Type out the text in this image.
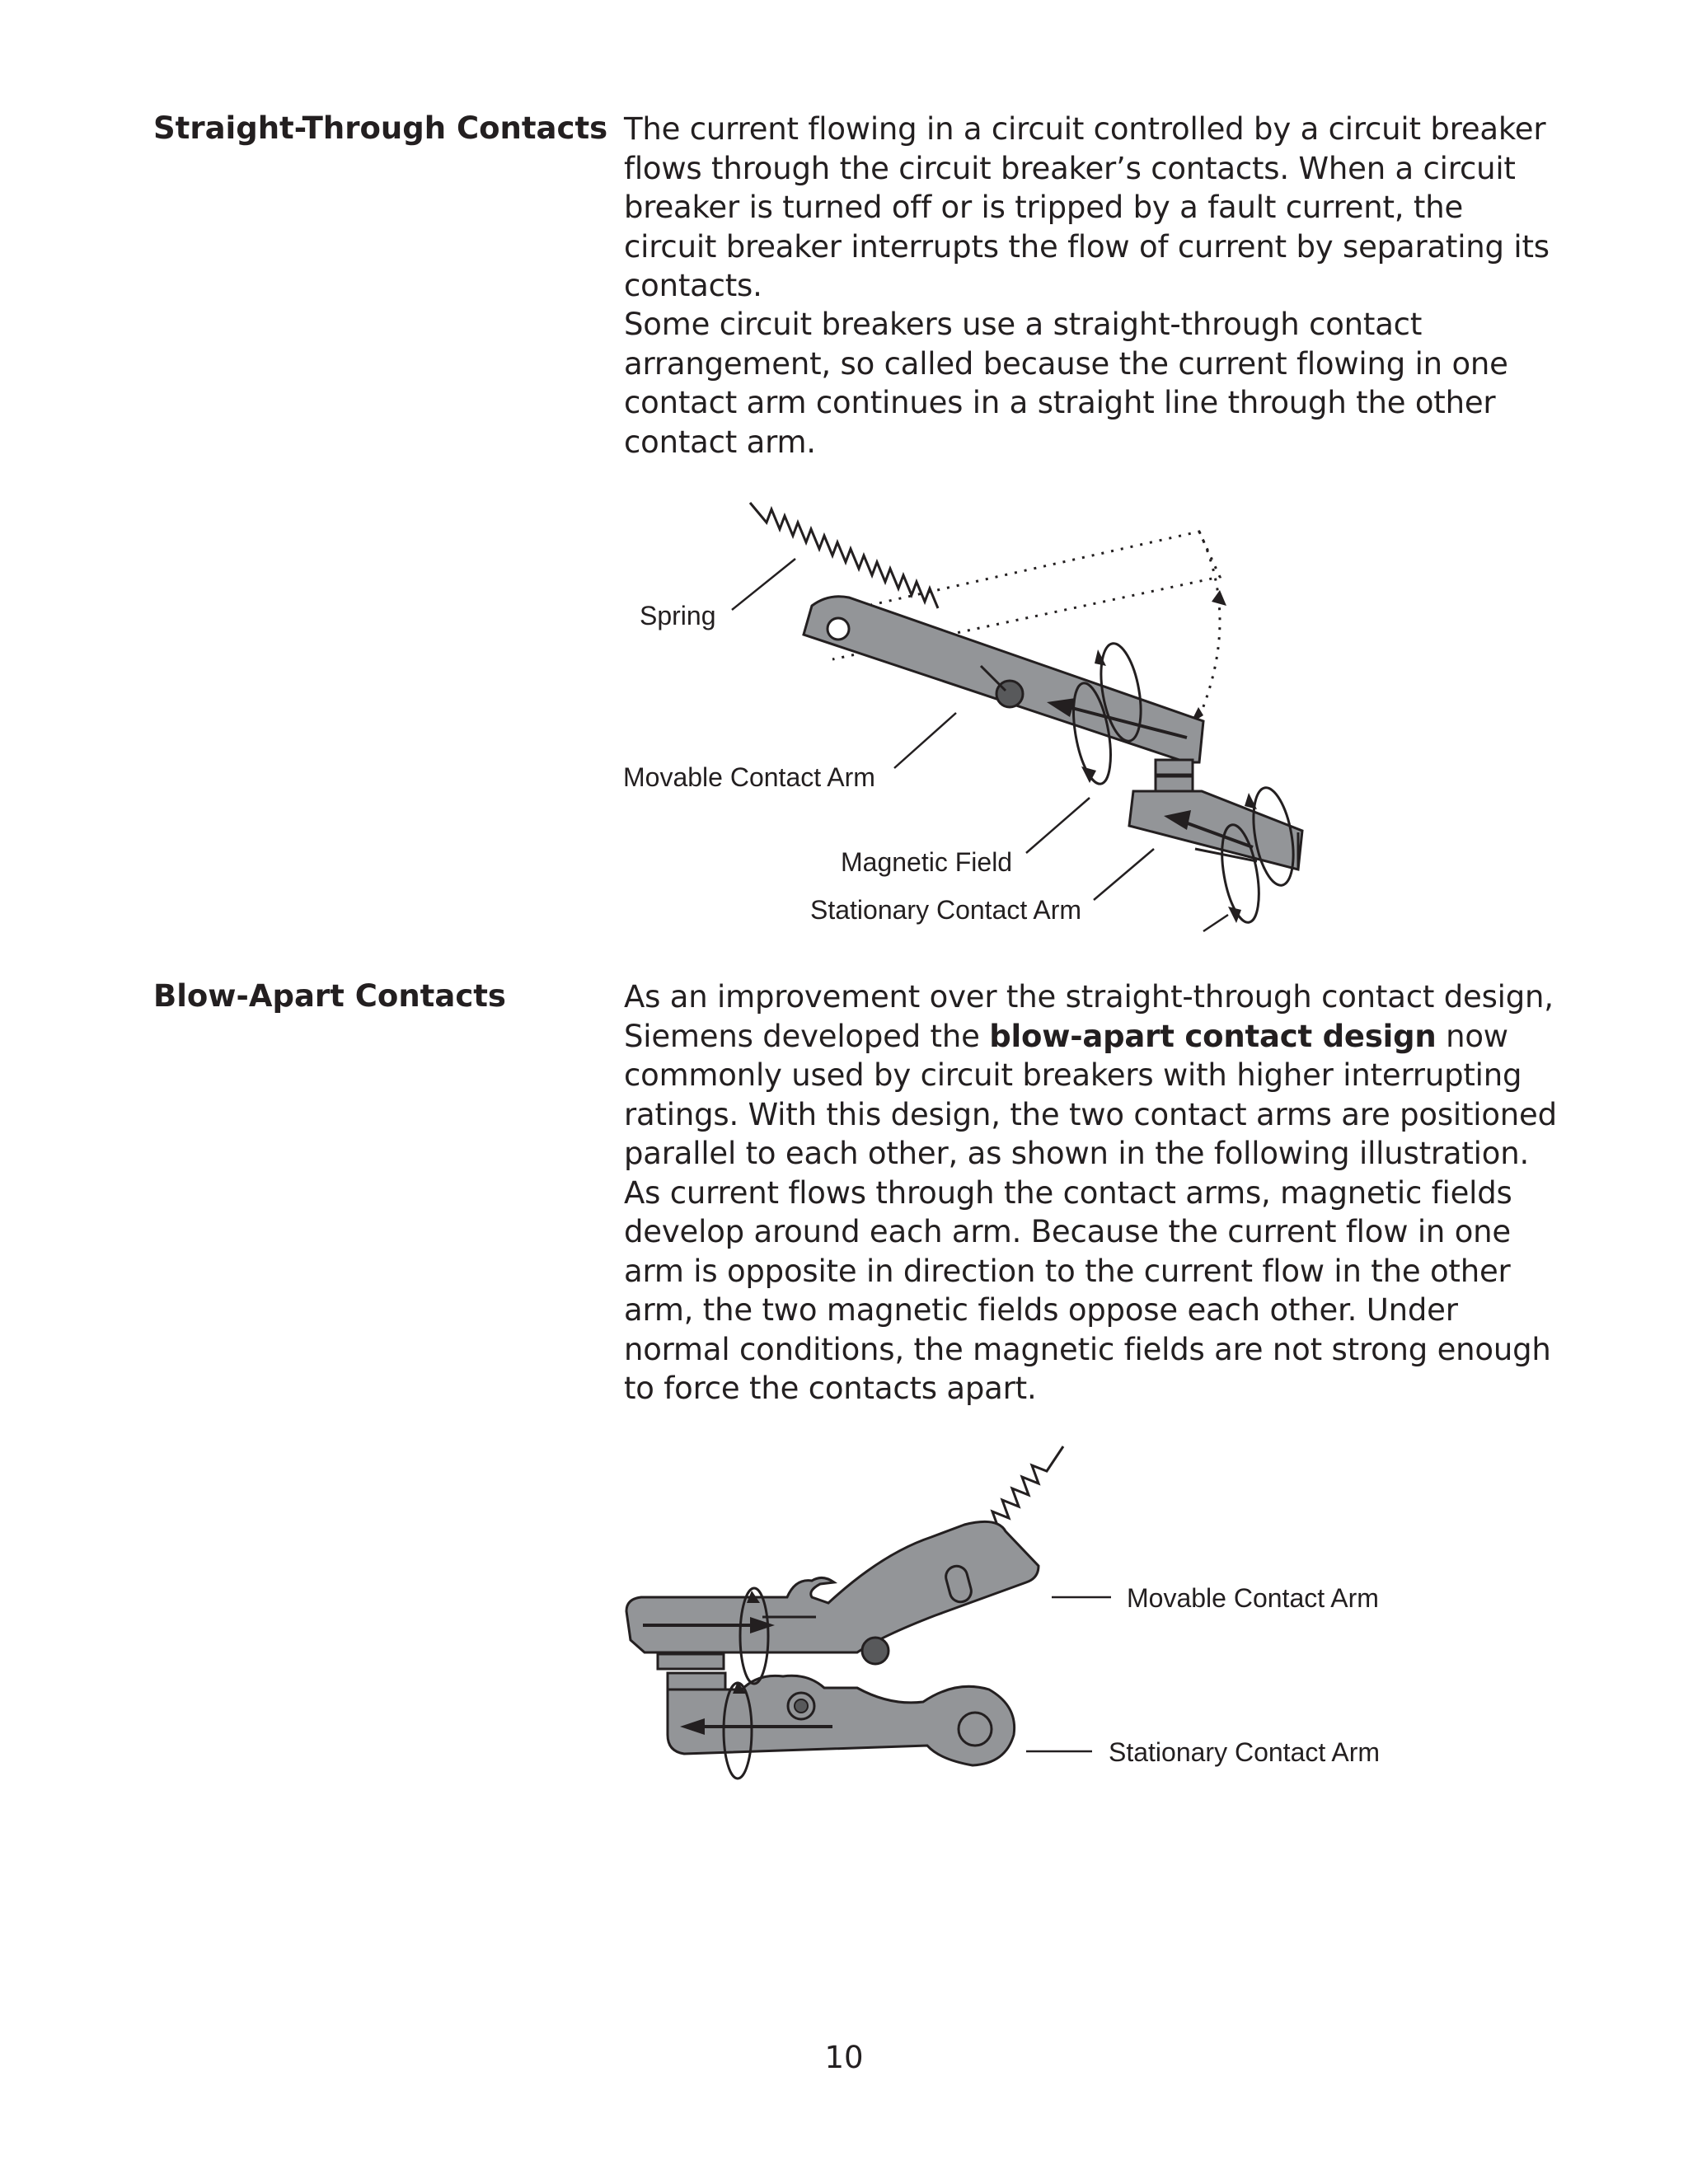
Straight-Through Contacts The current flowing in a circuit controlled by a circuit breaker flows through the circuit breaker’s contacts. When a circuit breaker is turned off or is tripped by a fault current, the circuit breaker interrupts the flow of current by separating its contacts.

Some circuit breakers use a straight-through contact arrangement, so called because the current flowing in one contact arm continues in a straight line through the other contact arm.

Spring
Movable Contact Arm
Magnetic Field
Stationary Contact Arm
Blow-Apart Contacts	As an improvement over the straight-through contact design, Siemens developed the blow-apart contact design now commonly used by circuit breakers with higher interrupting ratings. With this design, the two contact arms are positioned parallel to each other, as shown in the following illustration. As current flows through the contact arms, magnetic fields develop around each arm. Because the current flow in one arm is opposite in direction to the current flow in the other arm, the two magnetic fields oppose each other. Under normal conditions, the magnetic fields are not strong enough to force the contacts apart.

Movable Contact Arm
Stationary Contact Arm
10
